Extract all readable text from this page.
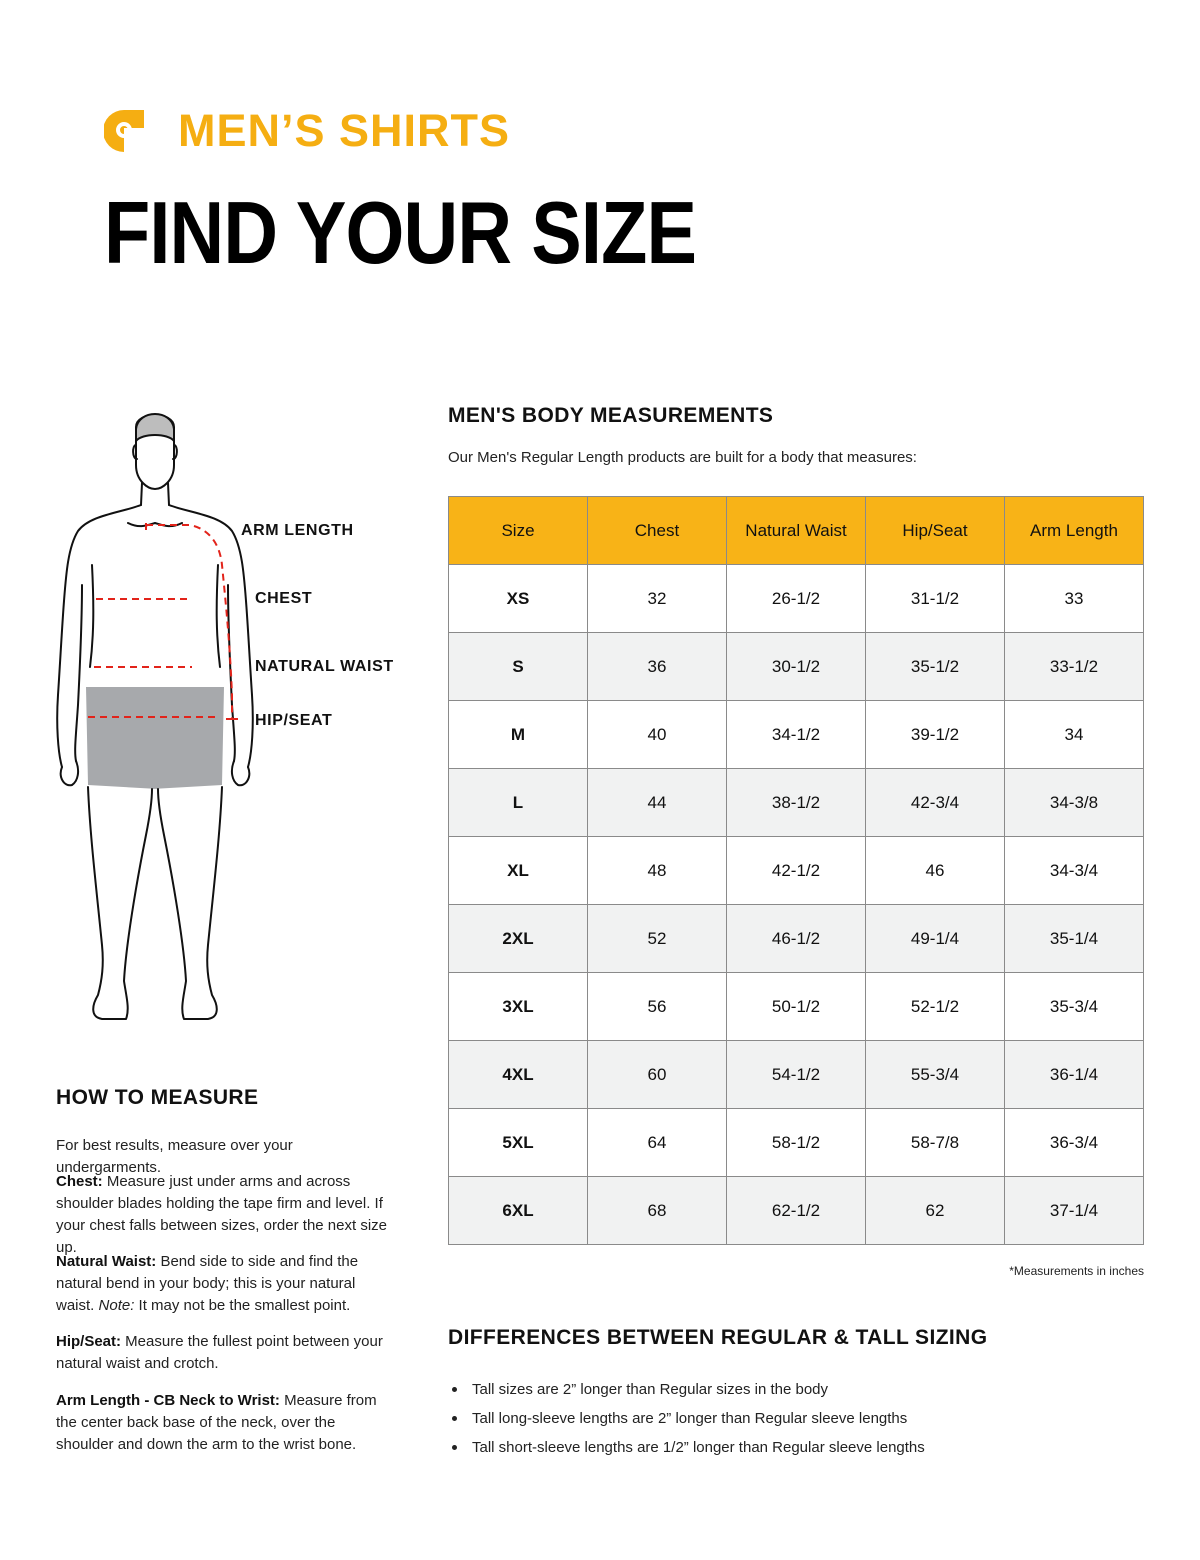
MEN’S SHIRTS
FIND YOUR SIZE
ARM LENGTH
CHEST
NATURAL WAIST
HIP/SEAT
MEN'S BODY MEASUREMENTS

Our Men's Regular Length products are built for a body that measures:

Size	Chest	Natural Waist	Hip/Seat	Arm Length
XS	32	26-1/2	31-1/2	33
S	36	30-1/2	35-1/2	33-1/2
M	40	34-1/2	39-1/2	34
L	44	38-1/2	42-3/4	34-3/8
XL	48	42-1/2	46	34-3/4
2XL	52	46-1/2	49-1/4	35-1/4
3XL	56	50-1/2	52-1/2	35-3/4
4XL	60	54-1/2	55-3/4	36-1/4
5XL	64	58-1/2	58-7/8	36-3/4
6XL	68	62-1/2	62	37-1/4

*Measurements in inches

HOW TO MEASURE

For best results, measure over your undergarments.

Chest: Measure just under arms and across shoulder blades holding the tape firm and level. If your chest falls between sizes, order the next size up.

Natural Waist: Bend side to side and find the natural bend in your body; this is your natural waist. Note: It may not be the smallest point.

Hip/Seat: Measure the fullest point between your natural waist and crotch.

Arm Length - CB Neck to Wrist: Measure from the center back base of the neck, over the shoulder and down the arm to the wrist bone.

DIFFERENCES BETWEEN REGULAR & TALL SIZING
Tall sizes are 2” longer than Regular sizes in the body
Tall long-sleeve lengths are 2” longer than Regular sleeve lengths
Tall short-sleeve lengths are 1/2” longer than Regular sleeve lengths
